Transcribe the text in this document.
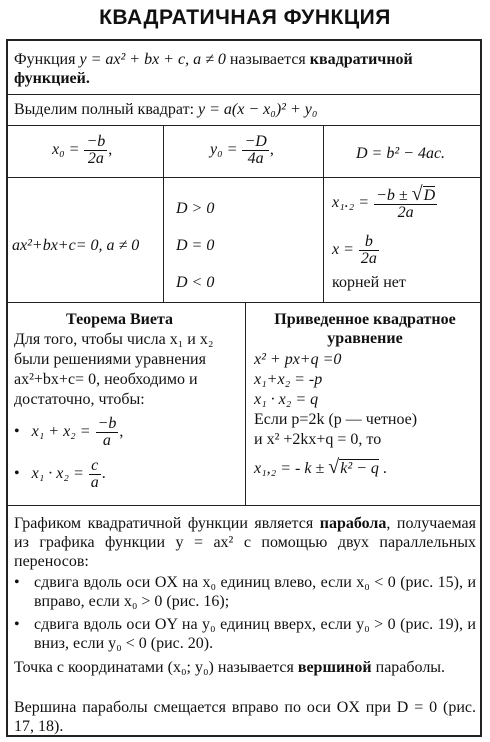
КВАДРАТИЧНАЯ ФУНКЦИЯ
Функция y = ax² + bx + c, a ≠ 0 называется квадратичной
функцией.
Выделим полный квадрат: y = a(x − x₀)² + y₀
$x_0 = \frac{-b}{2a}$ ,	$y_0 = \frac{-D}{4a}$ ,	D = b² − 4ac.
ax²+bx+c= 0, a ≠ 0
D > 0
D = 0
D < 0
$x_1._2 = \frac{-b \pm √D}{2a}$
$x = \frac{b}{2a}$
корней нет
Теорема Виета
Для того, чтобы числа x₁ и x₂
были решениями уравнения
ax²+bx+c= 0, необходимо и
достаточно, чтобы:
• $x_1 + x_2 = \frac{-b}{a}$ ,
• $x_1 \cdot x_2 = \frac{c}{a}$ .
Приведенное квадратное
уравнение
x² + px+q =0
x₁+x₂ = -p
x₁ · x₂ = q
Если p=2k (p — четное)
и x² +2kx+q = 0, то
x₁,₂ = - k ± √k² − q .
Графиком квадратичной функции является парабола, получаемая из графика функции y = ax² с помощью двух параллельных переносов:
• сдвига вдоль оси OX на x₀ единиц влево, если x₀ < 0 (рис. 15), и вправо, если x₀ > 0 (рис. 16);
• сдвига вдоль оси OY на y₀ единиц вверх, если y₀ > 0 (рис. 19), и вниз, если y₀ < 0 (рис. 20).
Точка с координатами (x₀; y₀) называется вершиной параболы.
Вершина параболы смещается вправо по оси OX при D = 0 (рис. 17, 18).
